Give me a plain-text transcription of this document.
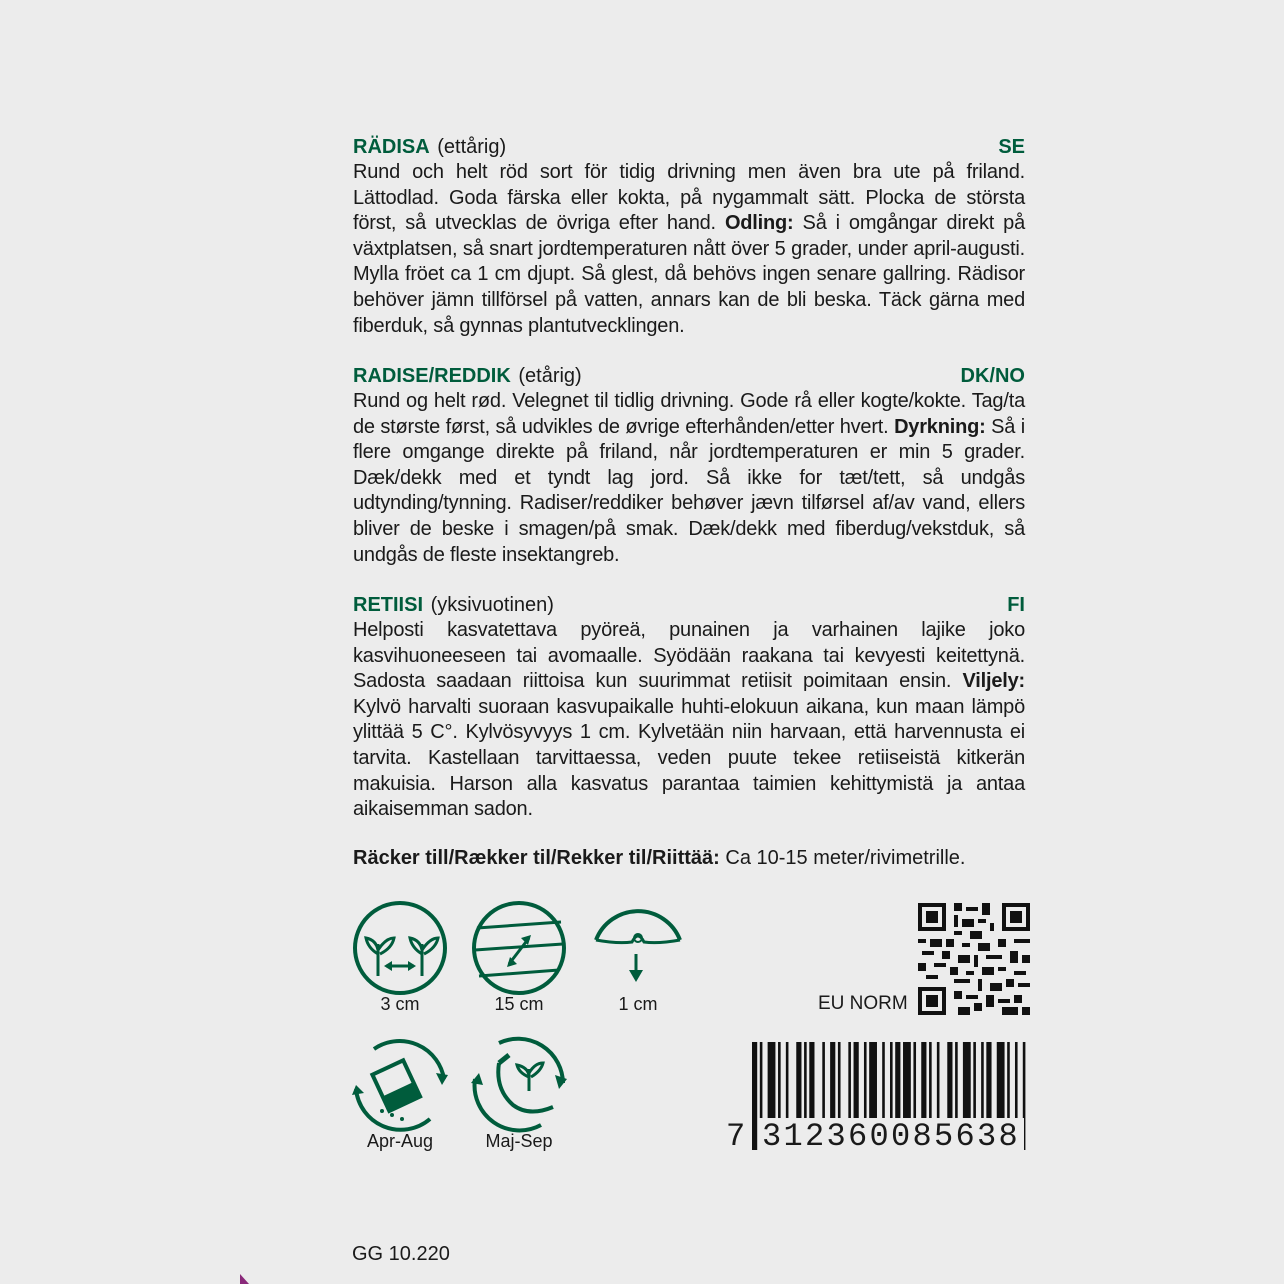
RÄDISA (ettårig)	SE
Rund och helt röd sort för tidig drivning men även bra ute på friland. Lättodlad. Goda färska eller kokta, på nygammalt sätt. Plocka de största först, så utvecklas de övriga efter hand. Odling: Så i omgångar direkt på växtplatsen, så snart jordtemperaturen nått över 5 grader, under april-augusti. Mylla fröet ca 1 cm djupt. Så glest, då behövs ingen senare gallring. Rädisor behöver jämn tillförsel på vatten, annars kan de bli beska. Täck gärna med fiberduk, så gynnas plantutvecklingen.
RADISE/REDDIK (etårig)	DK/NO
Rund og helt rød. Velegnet til tidlig drivning. Gode rå eller kogte/kokte. Tag/ta de største først, så udvikles de øvrige efterhånden/etter hvert. Dyrkning: Så i flere omgange direkte på friland, når jordtemperaturen er min 5 grader. Dæk/dekk med et tyndt lag jord. Så ikke for tæt/tett, så undgås udtynding/tynning. Radiser/reddiker behøver jævn tilførsel af/av vand, ellers bliver de beske i smagen/på smak. Dæk/dekk med fiberdug/vekstduk, så undgås de fleste insektangreb.
RETIISI (yksivuotinen)	FI
Helposti kasvatettava pyöreä, punainen ja varhainen lajike joko kasvihuoneeseen tai avomaalle. Syödään raakana tai kevyesti keitettynä. Sadosta saadaan riittoisa kun suurimmat retiisit poimitaan ensin. Viljely: Kylvö harvalti suoraan kasvupaikalle huhti-elokuun aikana, kun maan lämpö ylittää 5 C°. Kylvösyvyys 1 cm. Kylvetään niin harvaan, että harvennusta ei tarvita. Kastellaan tarvittaessa, veden puute tekee retiiseistä kitkerän makuisia. Harson alla kasvatus parantaa taimien kehittymistä ja antaa aikaisemman sadon.
Räcker till/Rækker til/Rekker til/Riittää: Ca 10-15 meter/rivimetrille.
3 cm	15 cm	1 cm
Apr-Aug	Maj-Sep
EU NORM
7 312360085638
GG 10.220
